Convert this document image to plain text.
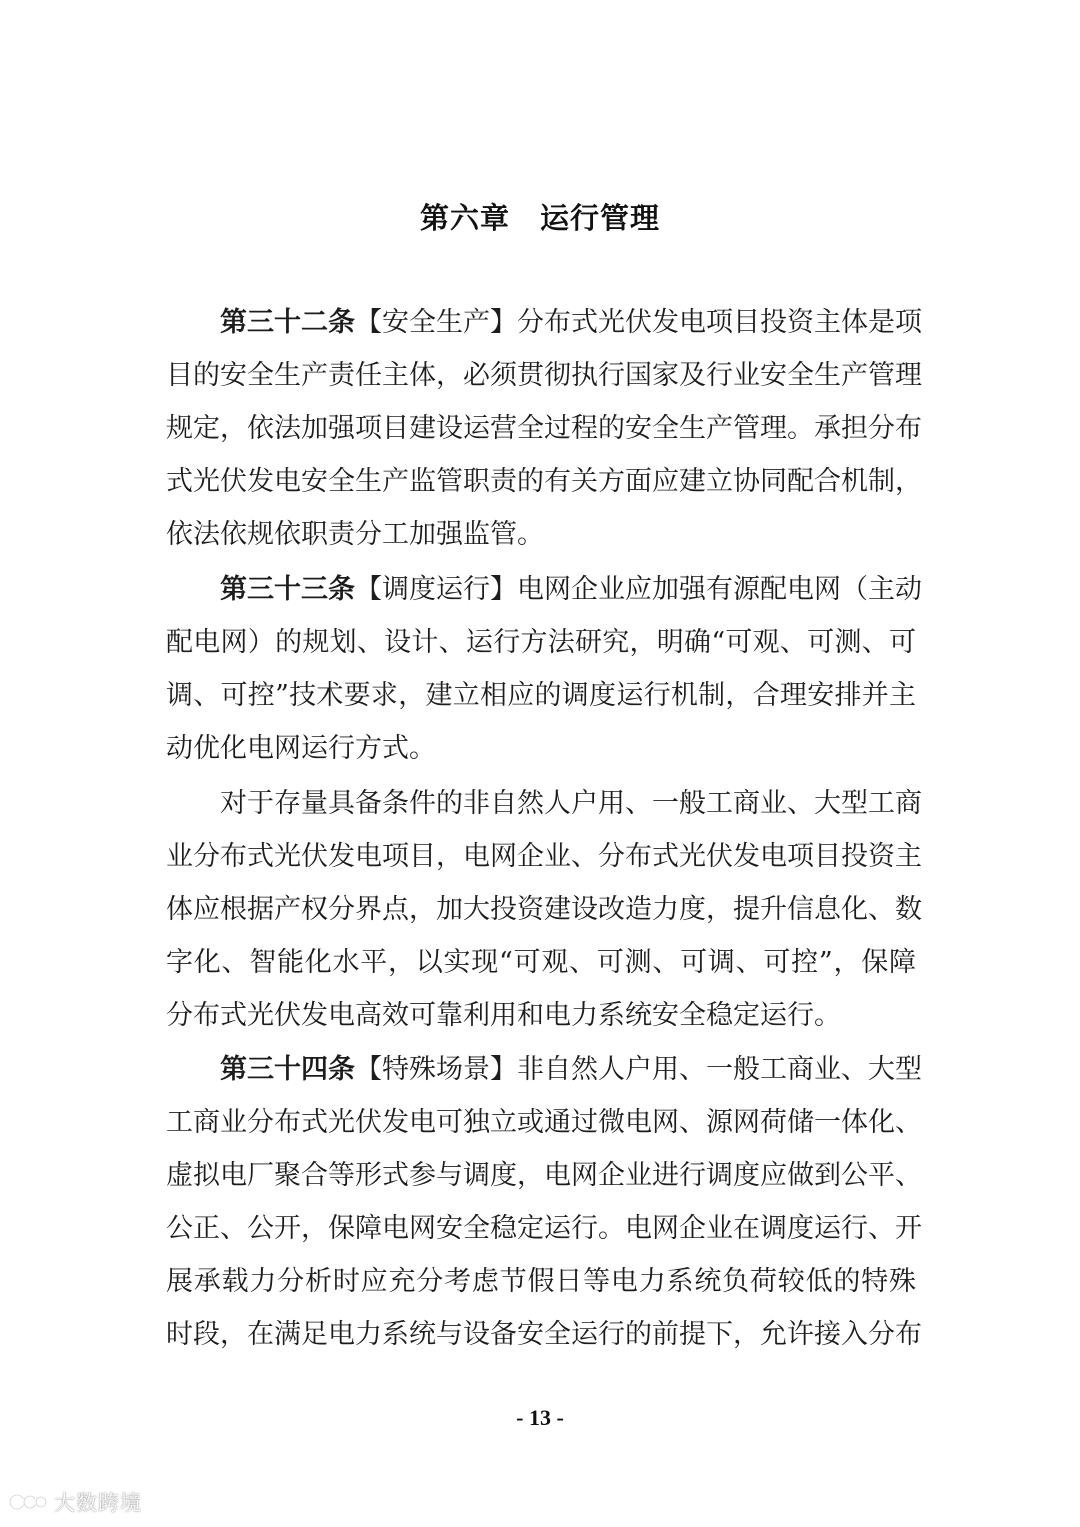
第六章　运行管理
第三十二条【安全生产】分布式光伏发电项目投资主体是项
目的安全生产责任主体，必须贯彻执行国家及行业安全生产管理
规定，依法加强项目建设运营全过程的安全生产管理。承担分布
式光伏发电安全生产监管职责的有关方面应建立协同配合机制，
依法依规依职责分工加强监管。
第三十三条【调度运行】电网企业应加强有源配电网（主动
配电网）的规划、设计、运行方法研究，明确“可观、可测、可
调、可控”技术要求，建立相应的调度运行机制，合理安排并主
动优化电网运行方式。
对于存量具备条件的非自然人户用、一般工商业、大型工商
业分布式光伏发电项目，电网企业、分布式光伏发电项目投资主
体应根据产权分界点，加大投资建设改造力度，提升信息化、数
字化、智能化水平，以实现“可观、可测、可调、可控”，保障
分布式光伏发电高效可靠利用和电力系统安全稳定运行。
第三十四条【特殊场景】非自然人户用、一般工商业、大型
工商业分布式光伏发电可独立或通过微电网、源网荷储一体化、
虚拟电厂聚合等形式参与调度，电网企业进行调度应做到公平、
公正、公开，保障电网安全稳定运行。电网企业在调度运行、开
展承载力分析时应充分考虑节假日等电力系统负荷较低的特殊
时段，在满足电力系统与设备安全运行的前提下，允许接入分布
- 13 -
大数跨境
